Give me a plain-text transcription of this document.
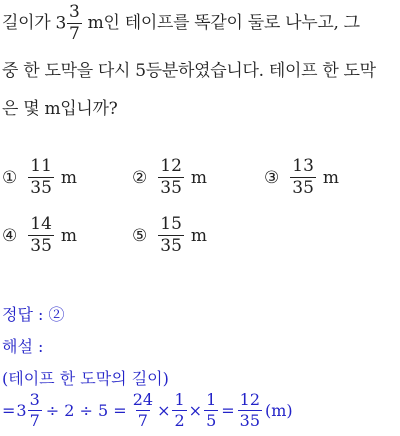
길이가 $3 \frac{3}{7}$ m인 테이프를 똑같이 둘로 나누고, 그
중 한 도막을 다시 5등분하였습니다. 테이프 한 도막
은 몇 m입니까?
① $\frac{11}{35}$ m	② $\frac{12}{35}$ m	③ $\frac{13}{35}$ m
④ $\frac{14}{35}$ m	⑤ $\frac{15}{35}$ m
정답 : ②
해설 :
(테이프 한 도막의 길이)
= $3 \frac{3}{7} \div 2 \div 5 = \frac{24}{7} \times \frac{1}{2} \times \frac{1}{5} = \frac{12}{35} (m)$
